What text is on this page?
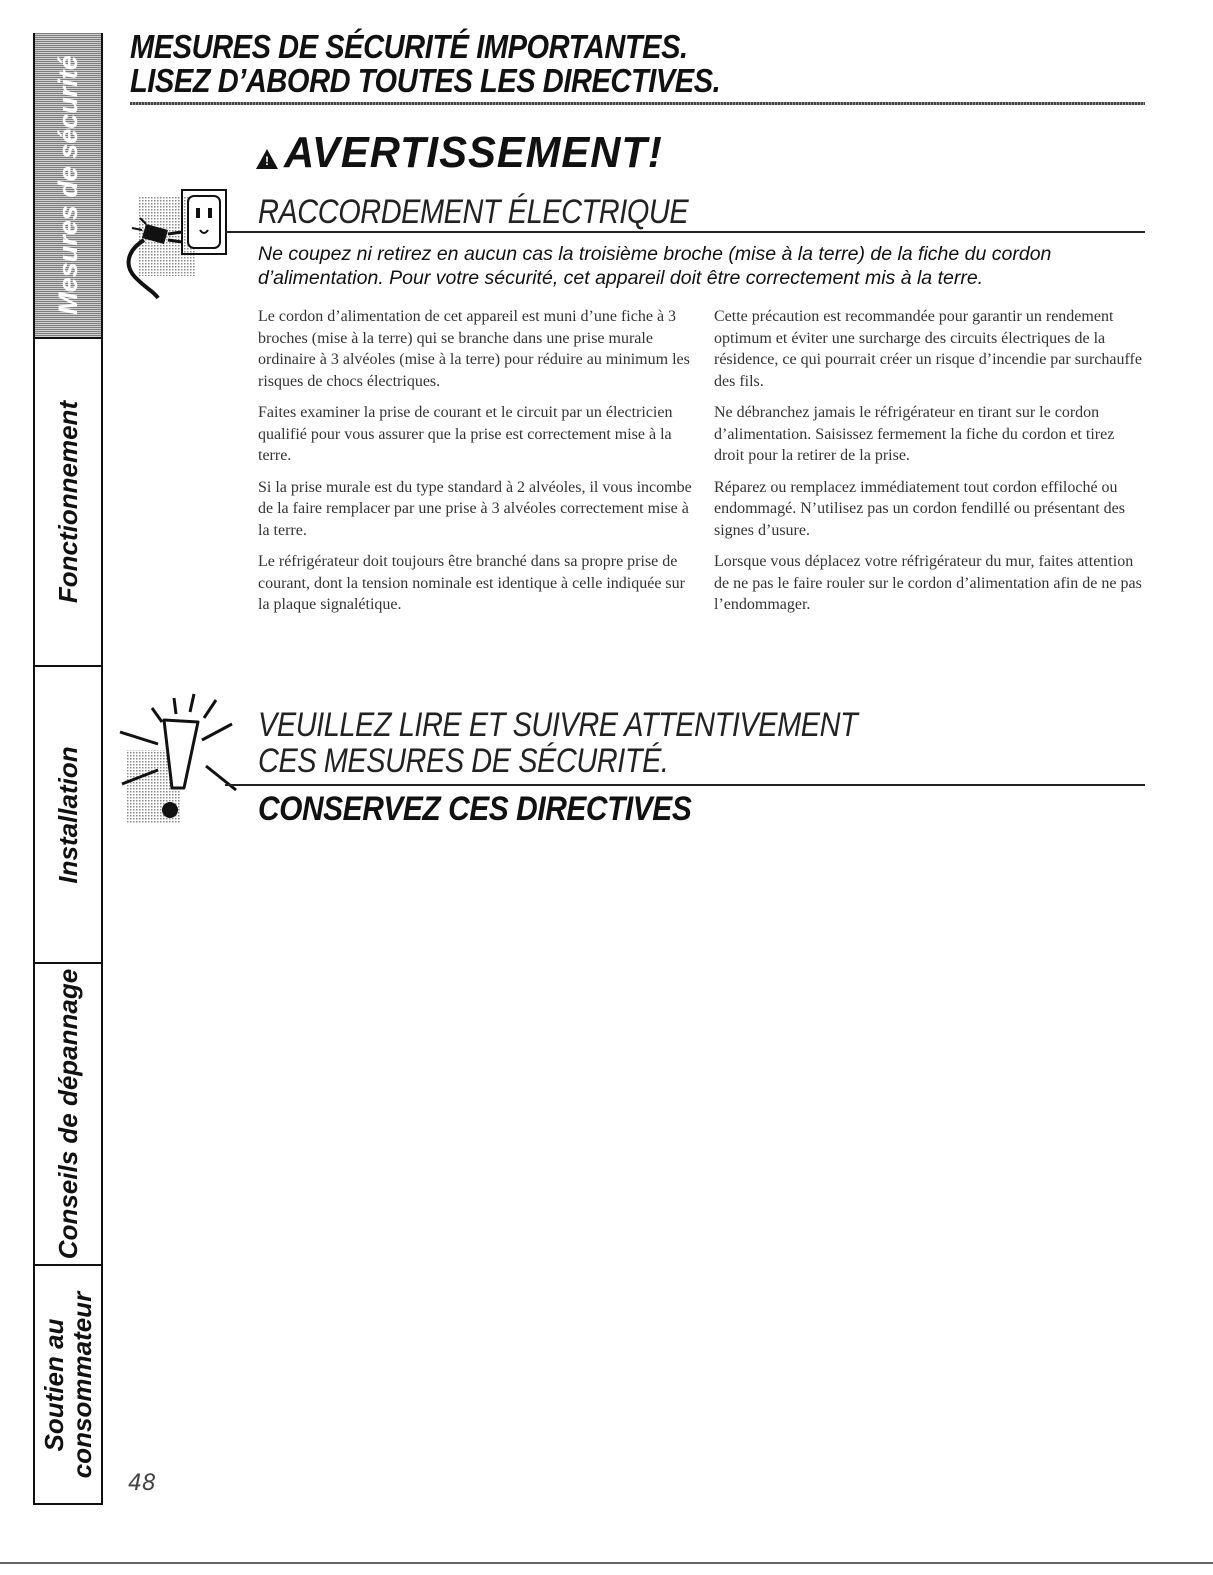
Mesures de sécurité
Fonctionnement
Installation
Conseils de dépannage
Soutien au
consommateur
MESURES DE SÉCURITÉ IMPORTANTES.
LISEZ D’ABORD TOUTES LES DIRECTIVES.
!
AVERTISSEMENT!
RACCORDEMENT ÉLECTRIQUE
Ne coupez ni retirez en aucun cas la troisième broche (mise à la terre) de la fiche du cordon d’alimentation. Pour votre sécurité, cet appareil doit être correctement mis à la terre.

Le cordon d’alimentation de cet appareil est muni d’une fiche à 3 broches (mise à la terre) qui se branche dans une prise murale ordinaire à 3 alvéoles (mise à la terre) pour réduire au minimum les risques de chocs électriques.

Faites examiner la prise de courant et le circuit par un électricien qualifié pour vous assurer que la prise est correctement mise à la terre.

Si la prise murale est du type standard à 2 alvéoles, il vous incombe de la faire remplacer par une prise à 3 alvéoles correctement mise à la terre.

Le réfrigérateur doit toujours être branché dans sa propre prise de courant, dont la tension nominale est identique à celle indiquée sur la plaque signalétique.

Cette précaution est recommandée pour garantir un rendement optimum et éviter une surcharge des circuits électriques de la résidence, ce qui pourrait créer un risque d’incendie par surchauffe des fils.

Ne débranchez jamais le réfrigérateur en tirant sur le cordon d’alimentation. Saisissez fermement la fiche du cordon et tirez droit pour la retirer de la prise.

Réparez ou remplacez immédiatement tout cordon effiloché ou endommagé. N’utilisez pas un cordon fendillé ou présentant des signes d’usure.

Lorsque vous déplacez votre réfrigérateur du mur, faites attention de ne pas le faire rouler sur le cordon d’alimentation afin de ne pas l’endommager.

VEUILLEZ LIRE ET SUIVRE ATTENTIVEMENT
CES MESURES DE SÉCURITÉ.
CONSERVEZ CES DIRECTIVES
48
